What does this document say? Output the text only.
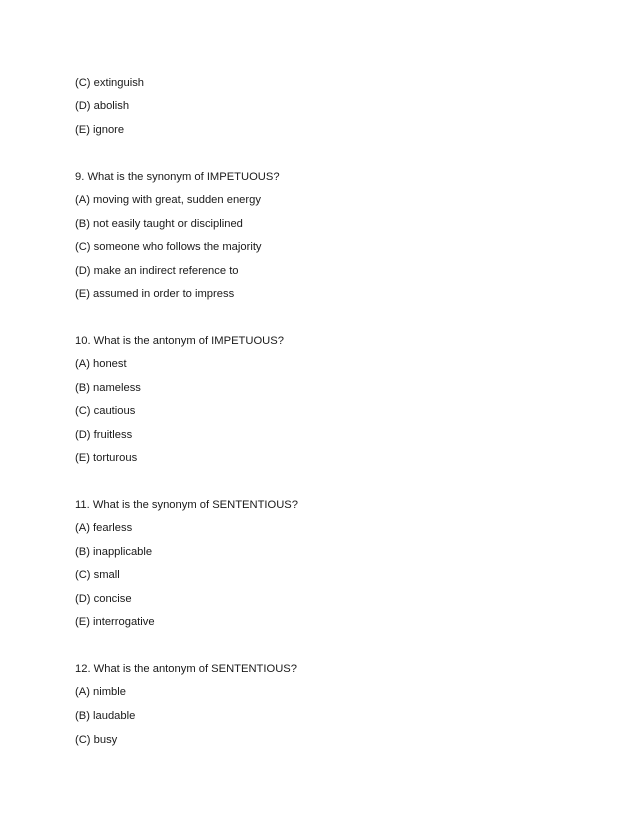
(C) extinguish
(D) abolish
(E) ignore
9. What is the synonym of IMPETUOUS?
(A) moving with great, sudden energy
(B) not easily taught or disciplined
(C) someone who follows the majority
(D) make an indirect reference to
(E) assumed in order to impress
10. What is the antonym of IMPETUOUS?
(A) honest
(B) nameless
(C) cautious
(D) fruitless
(E) torturous
11. What is the synonym of SENTENTIOUS?
(A) fearless
(B) inapplicable
(C) small
(D) concise
(E) interrogative
12. What is the antonym of SENTENTIOUS?
(A) nimble
(B) laudable
(C) busy
